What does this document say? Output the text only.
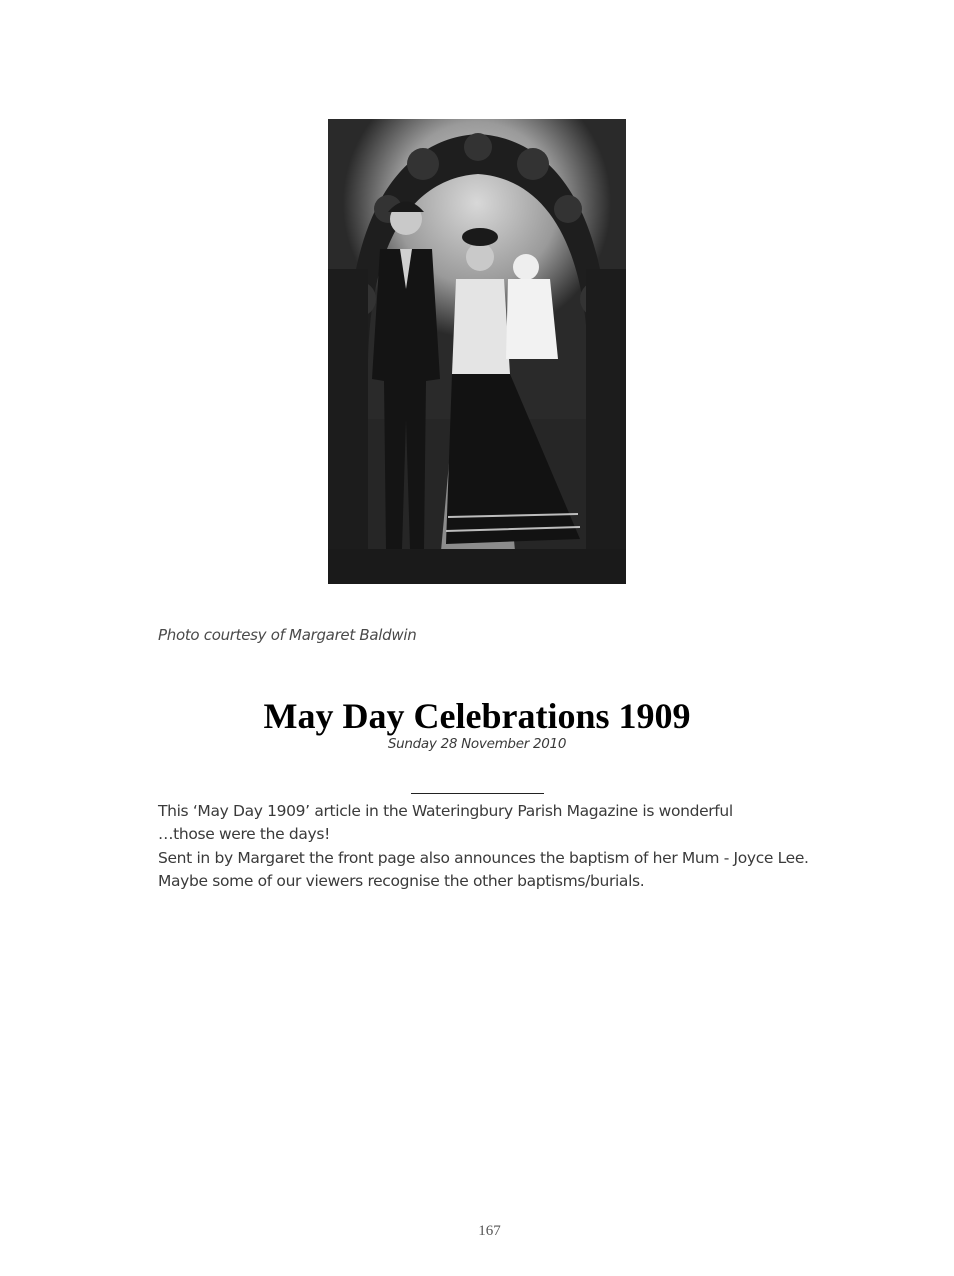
Photo courtesy of Margaret Baldwin
May Day Celebrations 1909
Sunday 28 November 2010

This ‘May Day 1909’ article in the Wateringbury Parish Magazine is wonderful

…those were the days!

Sent in by Margaret the front page also announces the baptism of her Mum - Joyce Lee.

Maybe some of our viewers recognise the other baptisms/burials.

167
